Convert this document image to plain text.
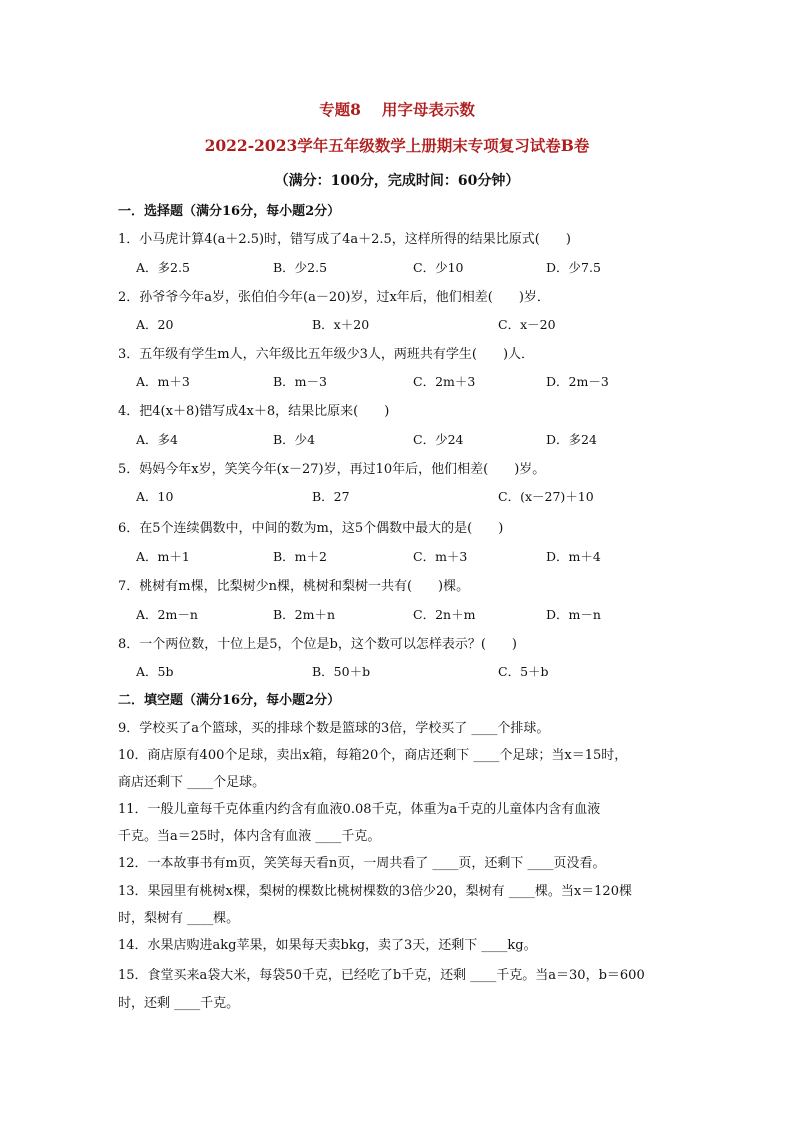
专题8　 用字母表示数
2022-2023学年五年级数学上册期末专项复习试卷B卷
（满分：100分，完成时间：60分钟）
一．选择题（满分16分，每小题2分）
1．小马虎计算4(a＋2.5)时，错写成了4a＋2.5，这样所得的结果比原式(　　)
A．多2.5	B．少2.5	C．少10	D．少7.5
2．孙爷爷今年a岁，张伯伯今年(a－20)岁，过x年后，他们相差(　　)岁．
A．20	B．x＋20	C．x－20
3．五年级有学生m人，六年级比五年级少3人，两班共有学生(　　)人．
A．m＋3	B．m－3	C．2m＋3	D．2m－3
4．把4(x＋8)错写成4x＋8，结果比原来(　　)
A．多4	B．少4	C．少24	D．多24
5．妈妈今年x岁，笑笑今年(x－27)岁，再过10年后，他们相差(　　)岁。
A．10	B．27	C．(x－27)＋10
6．在5个连续偶数中，中间的数为m，这5个偶数中最大的是(　　)
A．m＋1	B．m＋2	C．m＋3	D．m＋4
7．桃树有m棵，比梨树少n棵，桃树和梨树一共有(　　)棵。
A．2m－n	B．2m＋n	C．2n＋m	D．m－n
8．一个两位数，十位上是5，个位是b，这个数可以怎样表示？(　　)
A．5b	B．50＋b	C．5＋b
二．填空题（满分16分，每小题2分）
9．学校买了a个篮球，买的排球个数是篮球的3倍，学校买了 ____个排球。
10．商店原有400个足球，卖出x箱，每箱20个，商店还剩下 ____个足球；当x＝15时，
商店还剩下 ____个足球。
11．一般儿童每千克体重内约含有血液0.08千克，体重为a千克的儿童体内含有血液
千克。当a＝25时，体内含有血液 ____千克。
12．一本故事书有m页，笑笑每天看n页，一周共看了 ____页，还剩下 ____页没看。
13．果园里有桃树x棵，梨树的棵数比桃树棵数的3倍少20，梨树有 ____棵。当x＝120棵
时，梨树有 ____棵。
14．水果店购进akg苹果，如果每天卖bkg，卖了3天，还剩下 ____kg。
15．食堂买来a袋大米，每袋50千克，已经吃了b千克，还剩 ____千克。当a＝30，b＝600
时，还剩 ____千克。
